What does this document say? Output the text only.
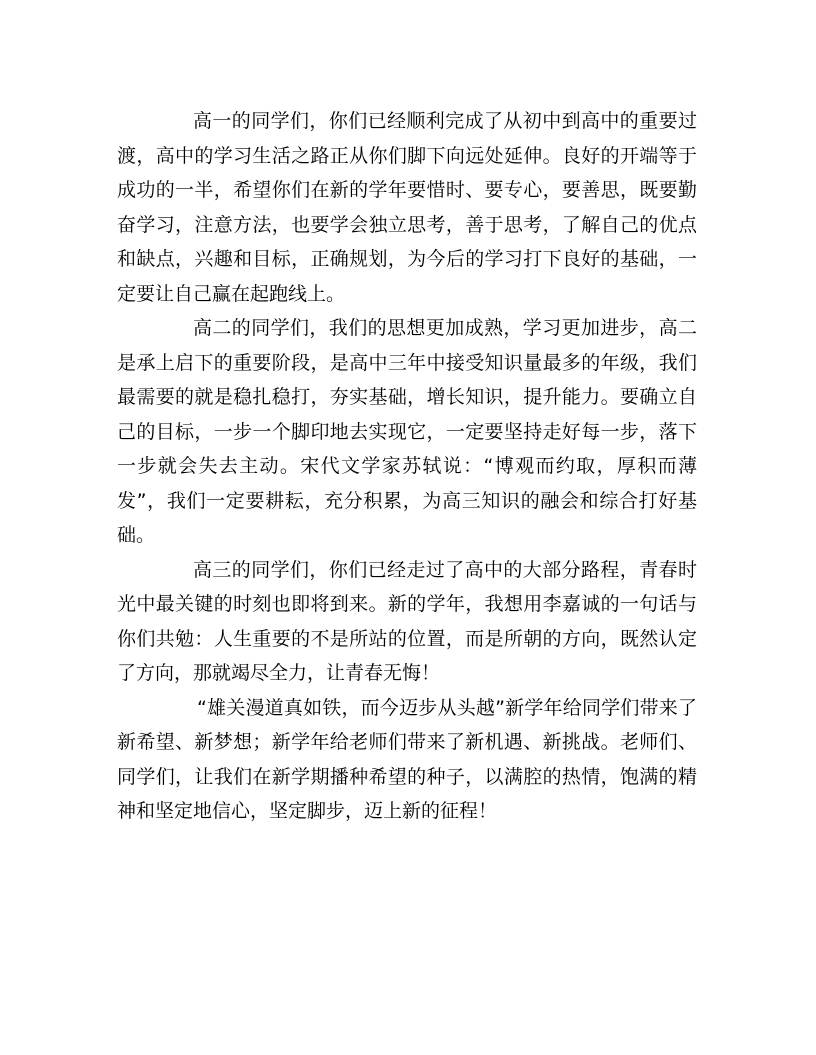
高一的同学们，你们已经顺利完成了从初中到高中的重要过渡，高中的学习生活之路正从你们脚下向远处延伸。良好的开端等于成功的一半，希望你们在新的学年要惜时、要专心，要善思，既要勤奋学习，注意方法，也要学会独立思考，善于思考，了解自己的优点和缺点，兴趣和目标，正确规划，为今后的学习打下良好的基础，一定要让自己赢在起跑线上。

高二的同学们，我们的思想更加成熟，学习更加进步，高二是承上启下的重要阶段，是高中三年中接受知识量最多的年级，我们最需要的就是稳扎稳打，夯实基础，增长知识，提升能力。要确立自己的目标，一步一个脚印地去实现它，一定要坚持走好每一步，落下一步就会失去主动。宋代文学家苏轼说：“博观而约取，厚积而薄发”，我们一定要耕耘，充分积累，为高三知识的融会和综合打好基础。

高三的同学们，你们已经走过了高中的大部分路程，青春时光中最关键的时刻也即将到来。新的学年，我想用李嘉诚的一句话与你们共勉：人生重要的不是所站的位置，而是所朝的方向，既然认定了方向，那就竭尽全力，让青春无悔！

“雄关漫道真如铁，而今迈步从头越”新学年给同学们带来了新希望、新梦想；新学年给老师们带来了新机遇、新挑战。老师们、同学们，让我们在新学期播种希望的种子，以满腔的热情，饱满的精神和坚定地信心，坚定脚步，迈上新的征程！
